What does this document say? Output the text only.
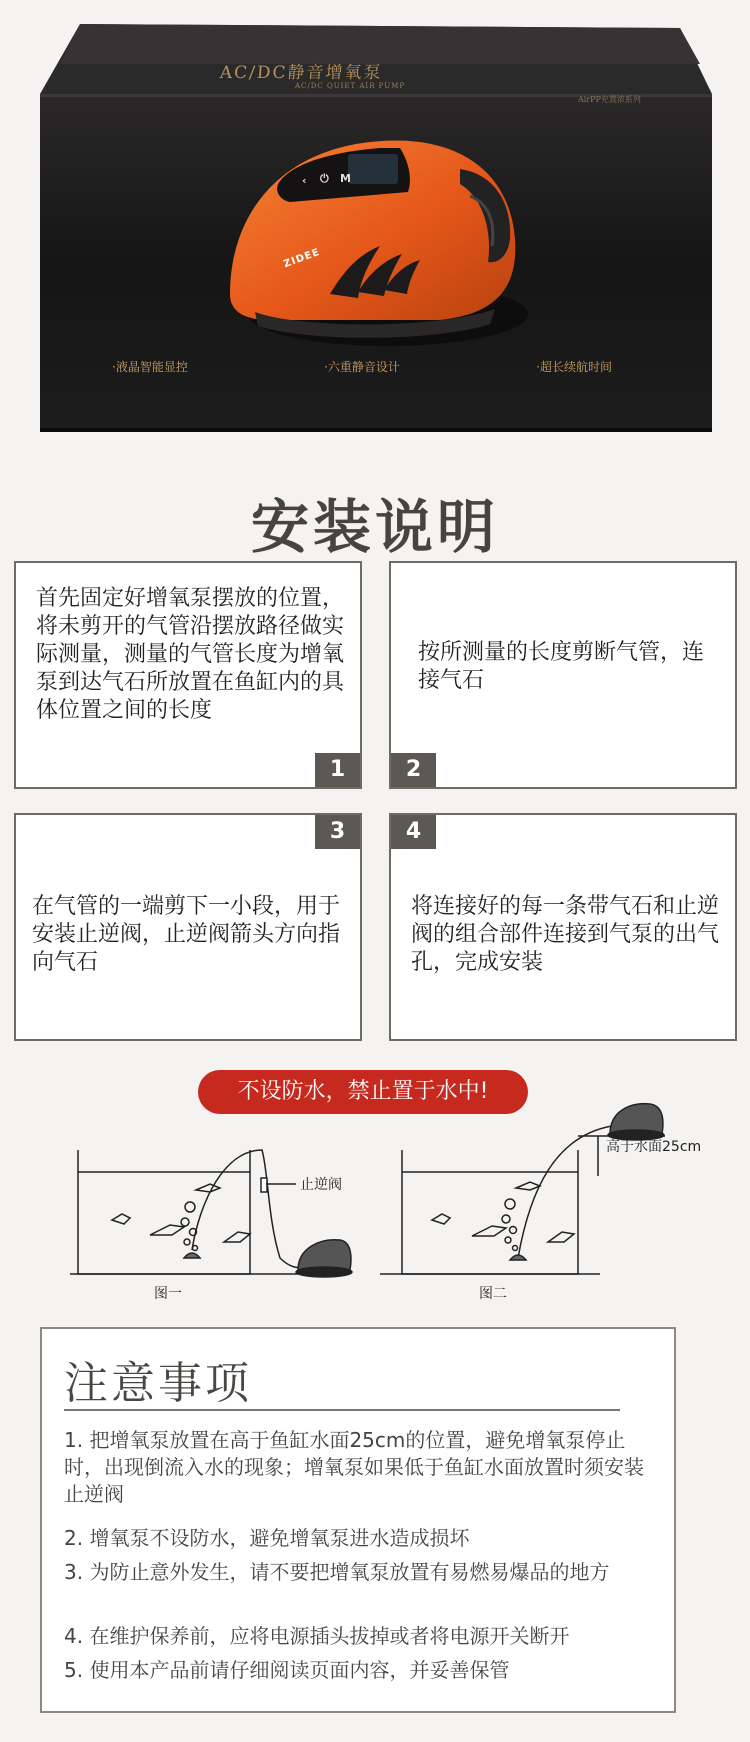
AC/DC静音增氧泵
AC/DC QUIET AIR PUMP
AirPP充置浓系列
‹ ⏻ M
ZIDEE
·液晶智能显控	·六重静音设计	·超长续航时间
安装说明
首先固定好增氧泵摆放的位置，将未剪开的气管沿摆放路径做实际测量，测量的气管长度为增氧泵到达气石所放置在鱼缸内的具体位置之间的长度
1
按所测量的长度剪断气管，连接气石
2
3
在气管的一端剪下一小段，用于安装止逆阀，止逆阀箭头方向指向气石
4
将连接好的每一条带气石和止逆阀的组合部件连接到气泵的出气孔，完成安装
不设防水，禁止置于水中!
止逆阀
高于水面25cm
图一	图二
注意事项
1. 把增氧泵放置在高于鱼缸水面25cm的位置，避免增氧泵停止时，出现倒流入水的现象；增氧泵如果低于鱼缸水面放置时须安装止逆阀
2. 增氧泵不设防水，避免增氧泵进水造成损坏
3. 为防止意外发生，请不要把增氧泵放置有易燃易爆品的地方
4. 在维护保养前，应将电源插头拔掉或者将电源开关断开
5. 使用本产品前请仔细阅读页面内容，并妥善保管
